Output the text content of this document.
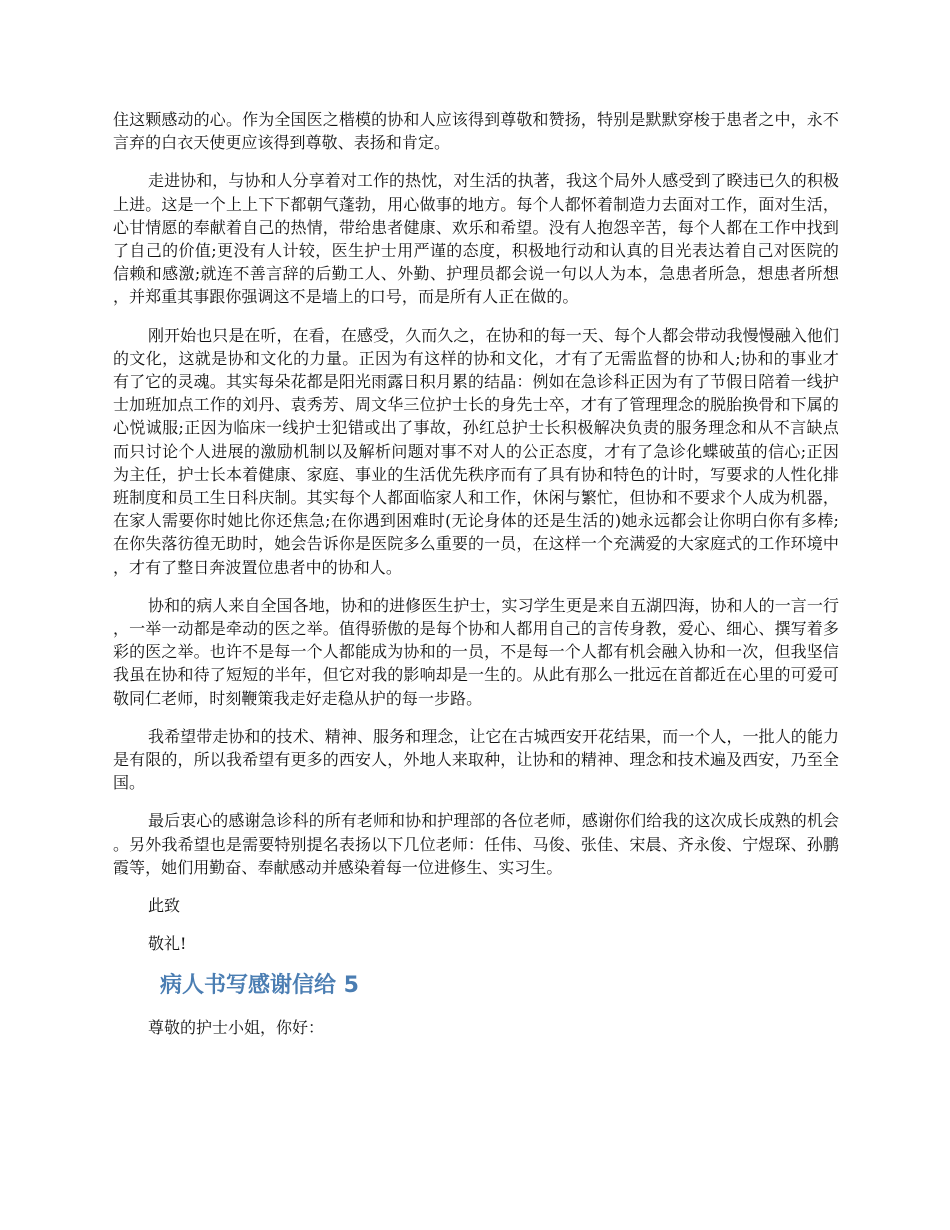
住这颗感动的心。作为全国医之楷模的协和人应该得到尊敬和赞扬，特别是默默穿梭于患者之中，永不言弃的白衣天使更应该得到尊敬、表扬和肯定。

走进协和，与协和人分享着对工作的热忱，对生活的执著，我这个局外人感受到了睽违已久的积极上进。这是一个上上下下都朝气蓬勃，用心做事的地方。每个人都怀着制造力去面对工作，面对生活，心甘情愿的奉献着自己的热情，带给患者健康、欢乐和希望。没有人抱怨辛苦，每个人都在工作中找到了自己的价值;更没有人计较，医生护士用严谨的态度，积极地行动和认真的目光表达着自己对医院的信赖和感激;就连不善言辞的后勤工人、外勤、护理员都会说一句以人为本，急患者所急，想患者所想，并郑重其事跟你强调这不是墙上的口号，而是所有人正在做的。

刚开始也只是在听，在看，在感受，久而久之，在协和的每一天、每个人都会带动我慢慢融入他们的文化，这就是协和文化的力量。正因为有这样的协和文化，才有了无需监督的协和人;协和的事业才有了它的灵魂。其实每朵花都是阳光雨露日积月累的结晶：例如在急诊科正因为有了节假日陪着一线护士加班加点工作的刘丹、袁秀芳、周文华三位护士长的身先士卒，才有了管理理念的脱胎换骨和下属的心悦诚服;正因为临床一线护士犯错或出了事故，孙红总护士长积极解决负责的服务理念和从不言缺点而只讨论个人进展的激励机制以及解析问题对事不对人的公正态度，才有了急诊化蝶破茧的信心;正因为主任，护士长本着健康、家庭、事业的生活优先秩序而有了具有协和特色的计时，写要求的人性化排班制度和员工生日科庆制。其实每个人都面临家人和工作，休闲与繁忙，但协和不要求个人成为机器，在家人需要你时她比你还焦急;在你遇到困难时(无论身体的还是生活的)她永远都会让你明白你有多棒;在你失落彷徨无助时，她会告诉你是医院多么重要的一员，在这样一个充满爱的大家庭式的工作环境中，才有了整日奔波置位患者中的协和人。

协和的病人来自全国各地，协和的进修医生护士，实习学生更是来自五湖四海，协和人的一言一行，一举一动都是牵动的医之举。值得骄傲的是每个协和人都用自己的言传身教，爱心、细心、撰写着多彩的医之举。也许不是每一个人都能成为协和的一员，不是每一个人都有机会融入协和一次，但我坚信我虽在协和待了短短的半年，但它对我的影响却是一生的。从此有那么一批远在首都近在心里的可爱可敬同仁老师，时刻鞭策我走好走稳从护的每一步路。

我希望带走协和的技术、精神、服务和理念，让它在古城西安开花结果，而一个人，一批人的能力是有限的，所以我希望有更多的西安人，外地人来取种，让协和的精神、理念和技术遍及西安，乃至全国。

最后衷心的感谢急诊科的所有老师和协和护理部的各位老师，感谢你们给我的这次成长成熟的机会。另外我希望也是需要特别提名表扬以下几位老师：任伟、马俊、张佳、宋晨、齐永俊、宁煜琛、孙鹏霞等，她们用勤奋、奉献感动并感染着每一位进修生、实习生。

此致

敬礼!

病人书写感谢信给 5

尊敬的护士小姐，你好：
